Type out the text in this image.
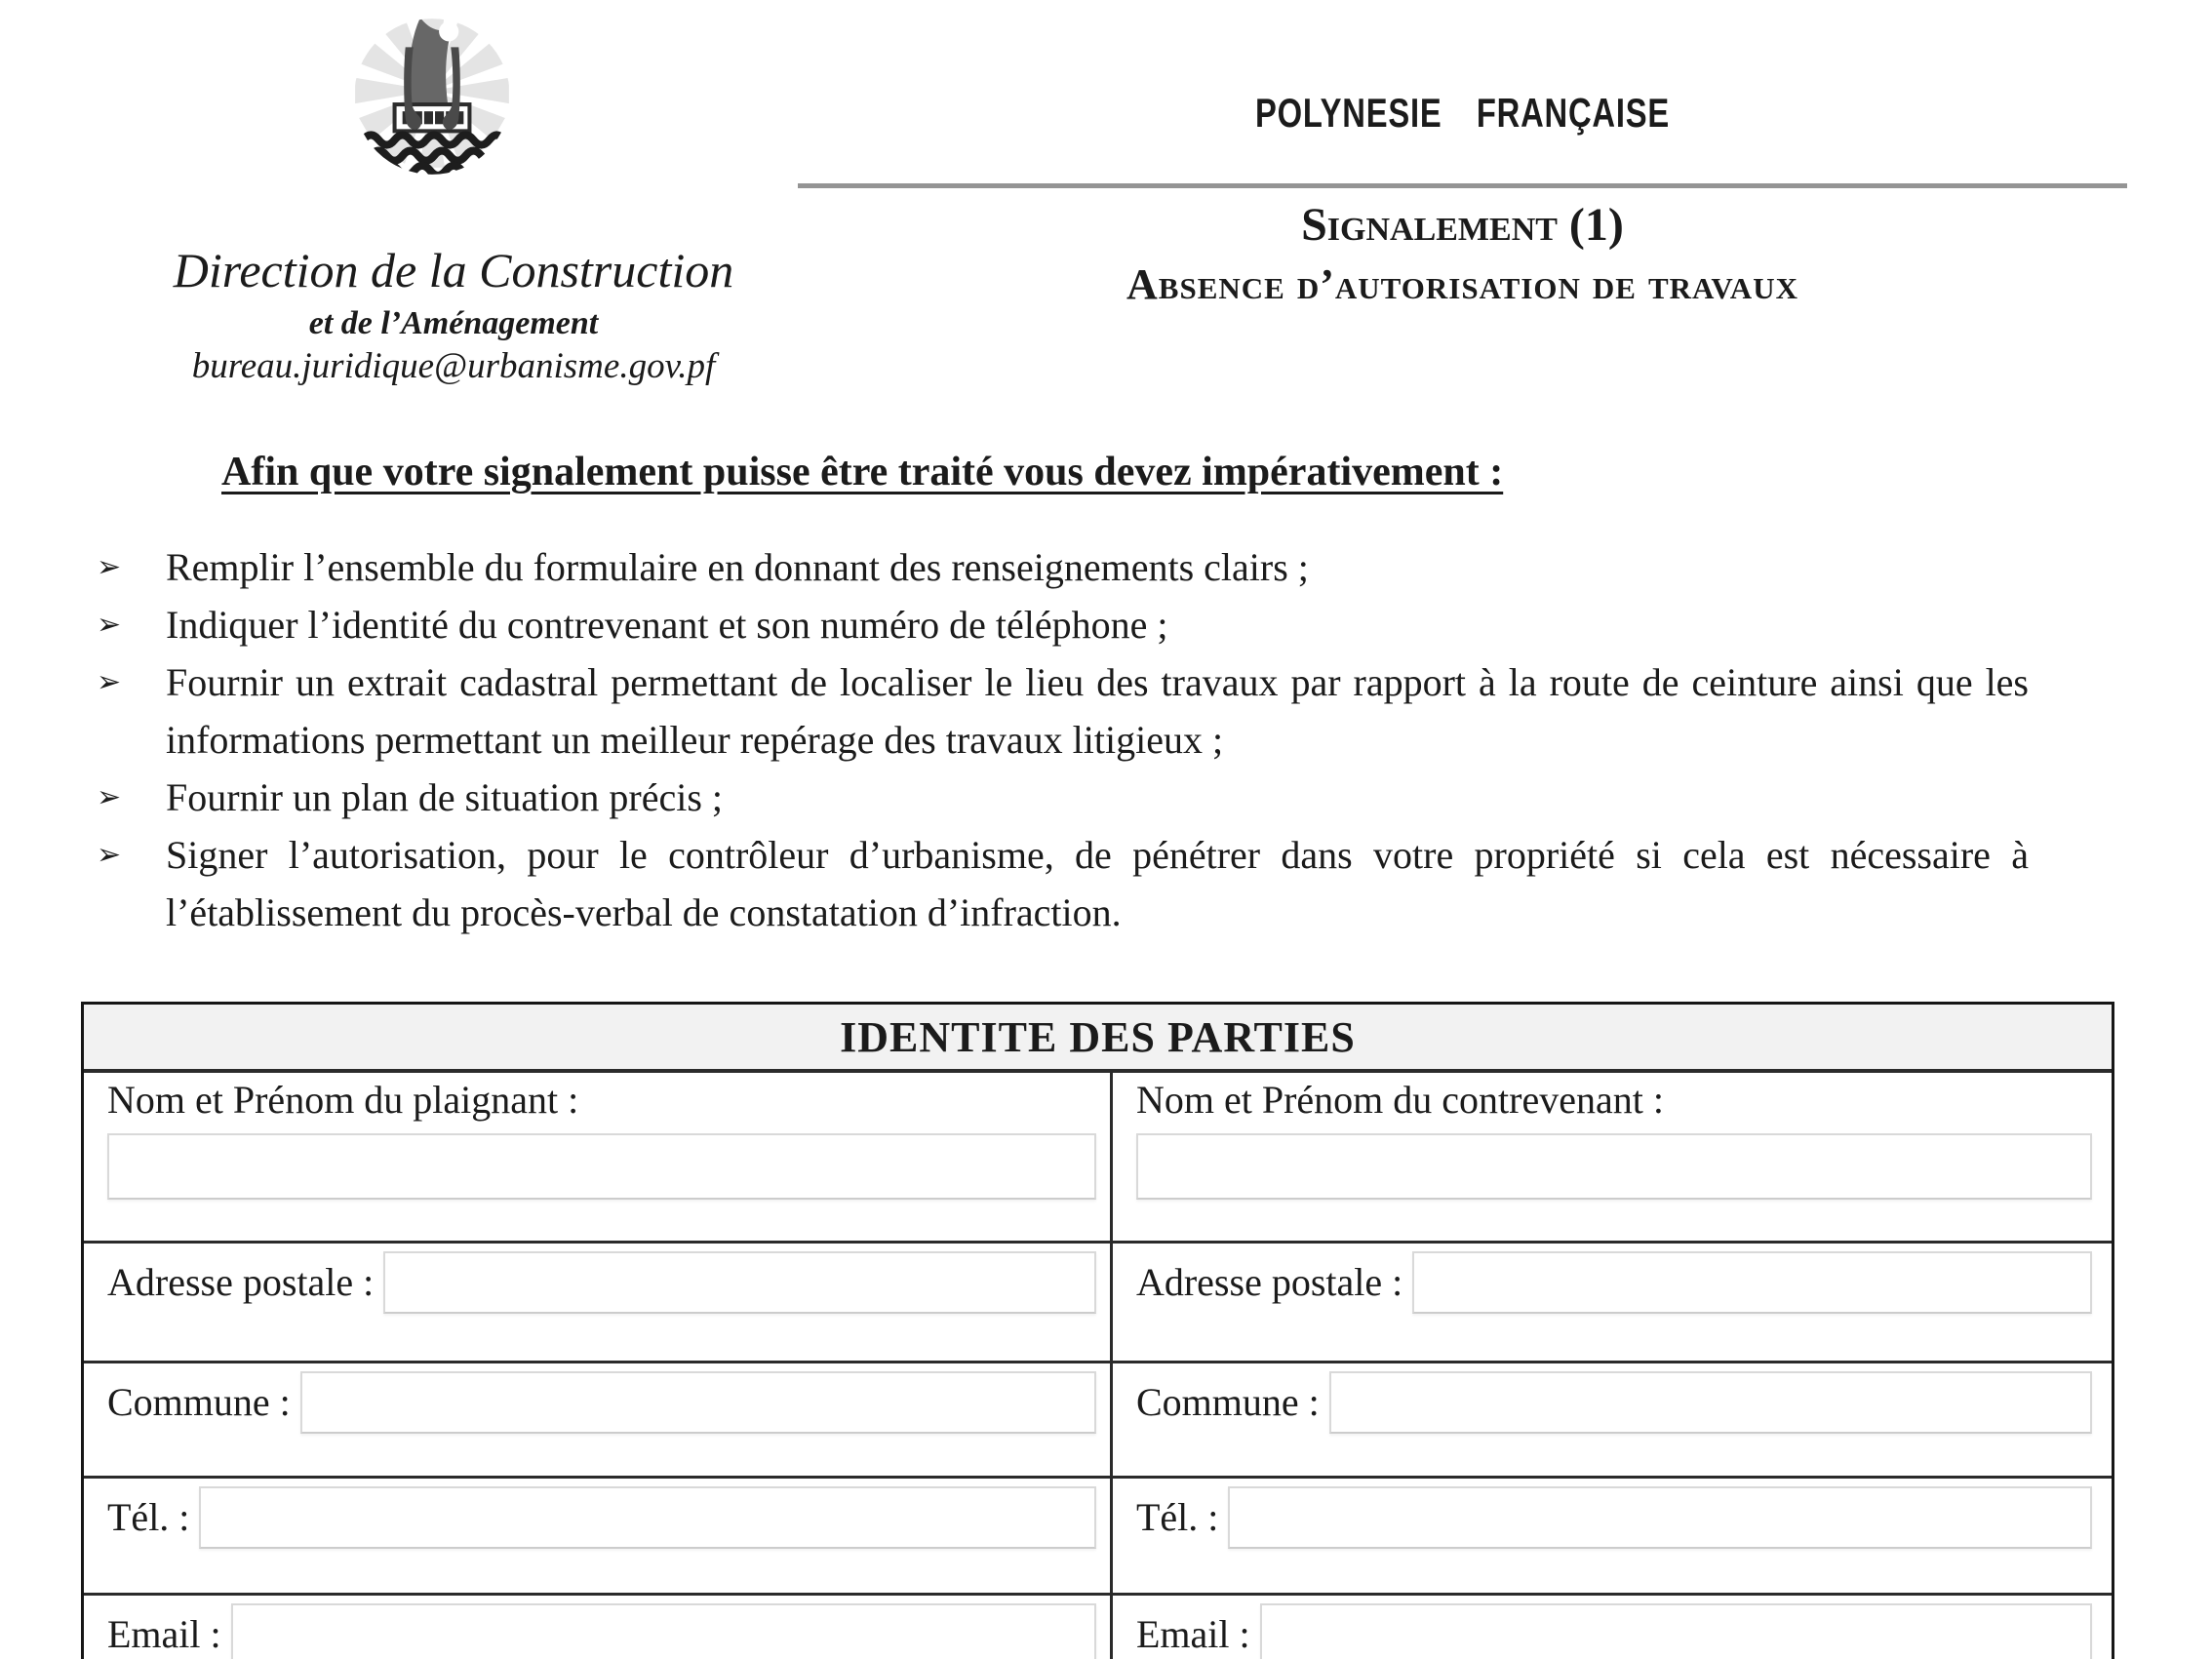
Direction de la Construction
et de l’Aménagement
bureau.juridique@urbanisme.gov.pf
POLYNESIE  FRANÇAISE
Signalement (1)
Absence d’autorisation de travaux
Afin que votre signalement puisse être traité vous devez impérativement :
➢ Remplir l’ensemble du formulaire en donnant des renseignements clairs ;
➢ Indiquer l’identité du contrevenant et son numéro de téléphone ;
➢ Fournir un extrait cadastral permettant de localiser le lieu des travaux par rapport à la route de ceinture ainsi que les informations permettant un meilleur repérage des travaux litigieux ;
➢ Fournir un plan de situation précis ;
➢ Signer l’autorisation, pour le contrôleur d’urbanisme, de pénétrer dans votre propriété si cela est nécessaire à l’établissement du procès-verbal de constatation d’infraction.
IDENTITE DES PARTIES
Nom et Prénom du plaignant :
Adresse postale :
Commune :
Tél. :
Email :
Nom et Prénom du contrevenant :
Adresse postale :
Commune :
Tél. :
Email :
